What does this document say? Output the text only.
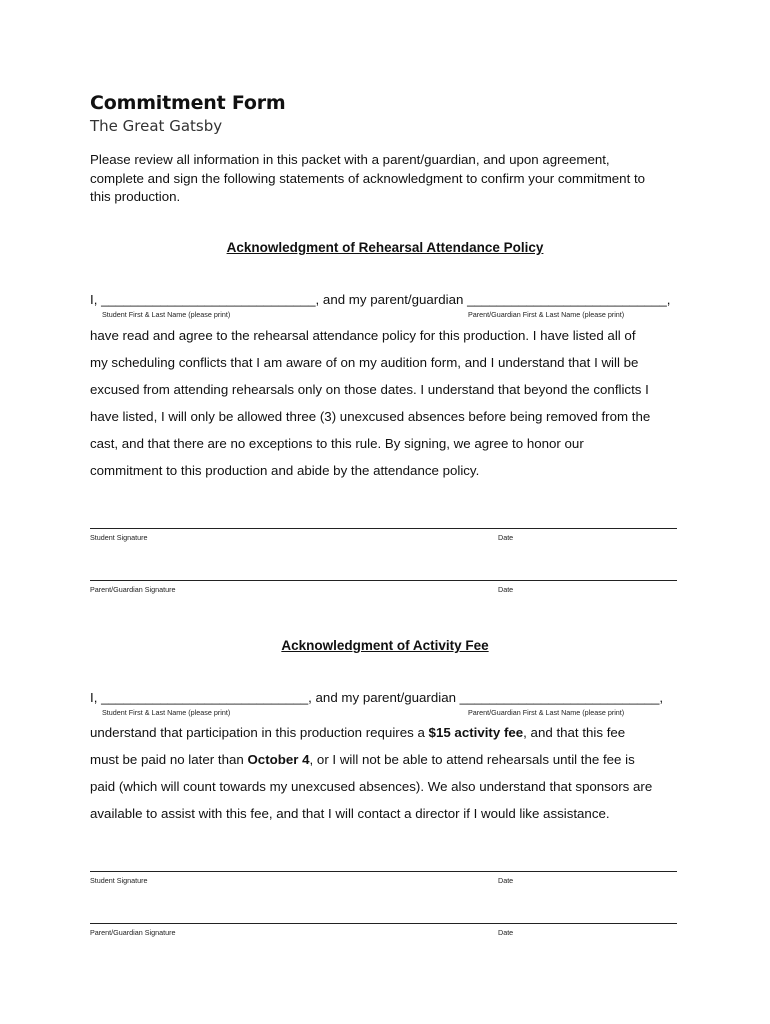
Commitment Form
The Great Gatsby
Please review all information in this packet with a parent/guardian, and upon agreement,
complete and sign the following statements of acknowledgment to confirm your commitment to
this production.
Acknowledgment of Rehearsal Attendance Policy
I, _____________________________, and my parent/guardian ___________________________,
Student First & Last Name (please print)	Parent/Guardian First & Last Name (please print)
have read and agree to the rehearsal attendance policy for this production. I have listed all of
my scheduling conflicts that I am aware of on my audition form, and I understand that I will be
excused from attending rehearsals only on those dates. I understand that beyond the conflicts I
have listed, I will only be allowed three (3) unexcused absences before being removed from the
cast, and that there are no exceptions to this rule. By signing, we agree to honor our
commitment to this production and abide by the attendance policy.
Student Signature	Date
Parent/Guardian Signature	Date
Acknowledgment of Activity Fee
I, ____________________________, and my parent/guardian ___________________________,
Student First & Last Name (please print)	Parent/Guardian First & Last Name (please print)
understand that participation in this production requires a $15 activity fee, and that this fee
must be paid no later than October 4, or I will not be able to attend rehearsals until the fee is
paid (which will count towards my unexcused absences). We also understand that sponsors are
available to assist with this fee, and that I will contact a director if I would like assistance.
Student Signature	Date
Parent/Guardian Signature	Date
